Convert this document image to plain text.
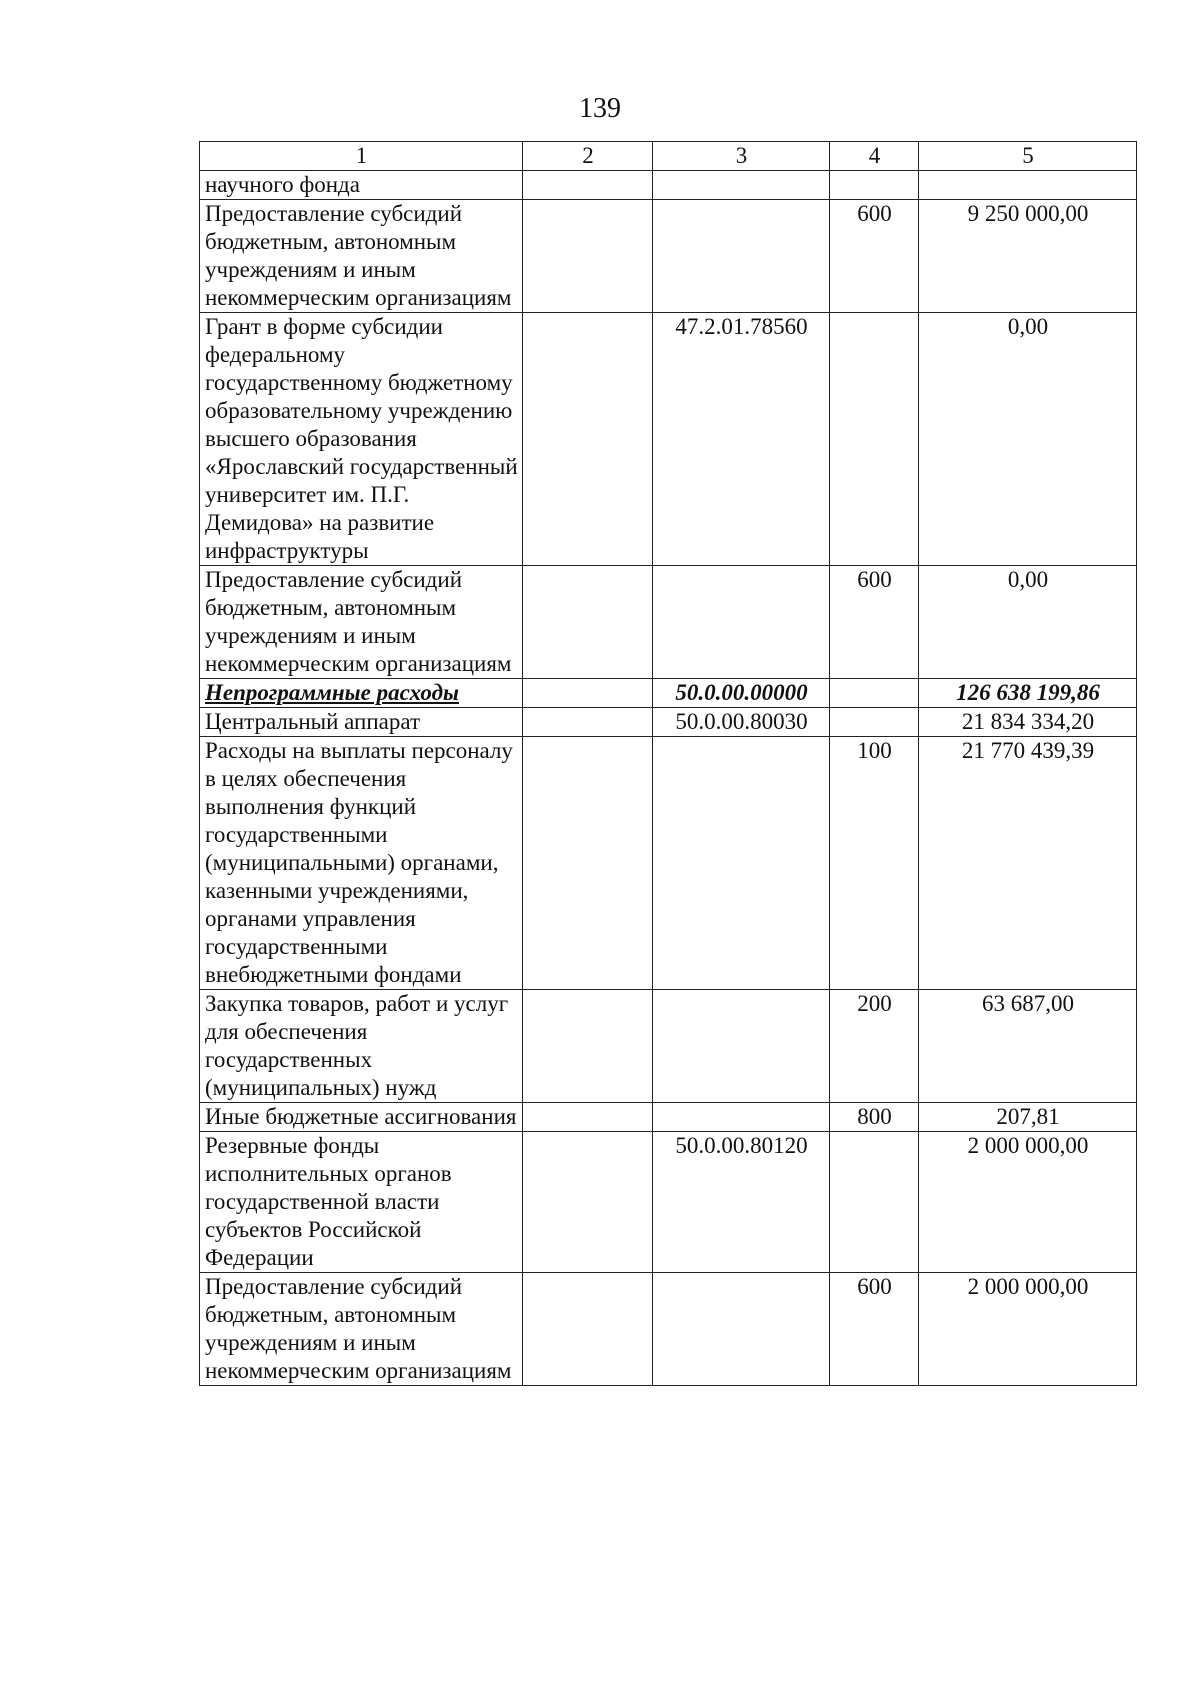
139
1	2	3	4	5
научного фонда				
Предоставление субсидий бюджетным, автономным учреждениям и иным некоммерческим организациям			600	9 250 000,00
Грант в форме субсидии федеральному государственному бюджетному образовательному учреждению высшего образования «Ярославский государственный университет им. П.Г. Демидова» на развитие инфраструктуры		47.2.01.78560		0,00
Предоставление субсидий бюджетным, автономным учреждениям и иным некоммерческим организациям			600	0,00
Непрограммные расходы		50.0.00.00000		126 638 199,86
Центральный аппарат		50.0.00.80030		21 834 334,20
Расходы на выплаты персоналу в целях обеспечения выполнения функций государственными (муниципальными) органами, казенными учреждениями, органами управления государственными внебюджетными фондами			100	21 770 439,39
Закупка товаров, работ и услуг для обеспечения государственных (муниципальных) нужд			200	63 687,00
Иные бюджетные ассигнования			800	207,81
Резервные фонды исполнительных органов государственной власти субъектов Российской Федерации		50.0.00.80120		2 000 000,00
Предоставление субсидий бюджетным, автономным учреждениям и иным некоммерческим организациям			600	2 000 000,00
